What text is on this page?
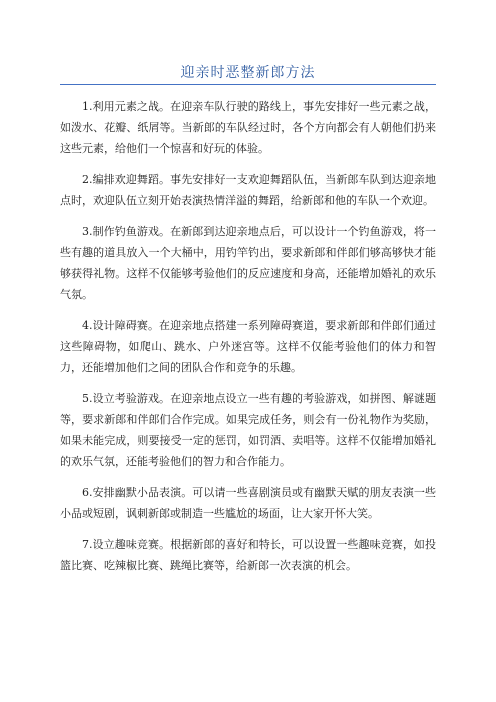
迎亲时恶整新郎方法

1.利用元素之战。在迎亲车队行驶的路线上，事先安排好一些元素之战，如泼水、花瓣、纸屑等。当新郎的车队经过时，各个方向都会有人朝他们扔来这些元素，给他们一个惊喜和好玩的体验。

2.编排欢迎舞蹈。事先安排好一支欢迎舞蹈队伍，当新郎车队到达迎亲地点时，欢迎队伍立刻开始表演热情洋溢的舞蹈，给新郎和他的车队一个欢迎。

3.制作钓鱼游戏。在新郎到达迎亲地点后，可以设计一个钓鱼游戏，将一些有趣的道具放入一个大桶中，用钓竿钓出，要求新郎和伴郎们够高够快才能够获得礼物。这样不仅能够考验他们的反应速度和身高，还能增加婚礼的欢乐气氛。

4.设计障碍赛。在迎亲地点搭建一系列障碍赛道，要求新郎和伴郎们通过这些障碍物，如爬山、跳水、户外迷宫等。这样不仅能考验他们的体力和智力，还能增加他们之间的团队合作和竞争的乐趣。

5.设立考验游戏。在迎亲地点设立一些有趣的考验游戏，如拼图、解谜题等，要求新郎和伴郎们合作完成。如果完成任务，则会有一份礼物作为奖励，如果未能完成，则要接受一定的惩罚，如罚酒、卖唱等。这样不仅能增加婚礼的欢乐气氛，还能考验他们的智力和合作能力。

6.安排幽默小品表演。可以请一些喜剧演员或有幽默天赋的朋友表演一些小品或短剧，讽刺新郎或制造一些尴尬的场面，让大家开怀大笑。

7.设立趣味竞赛。根据新郎的喜好和特长，可以设置一些趣味竞赛，如投篮比赛、吃辣椒比赛、跳绳比赛等，给新郎一次表演的机会。
